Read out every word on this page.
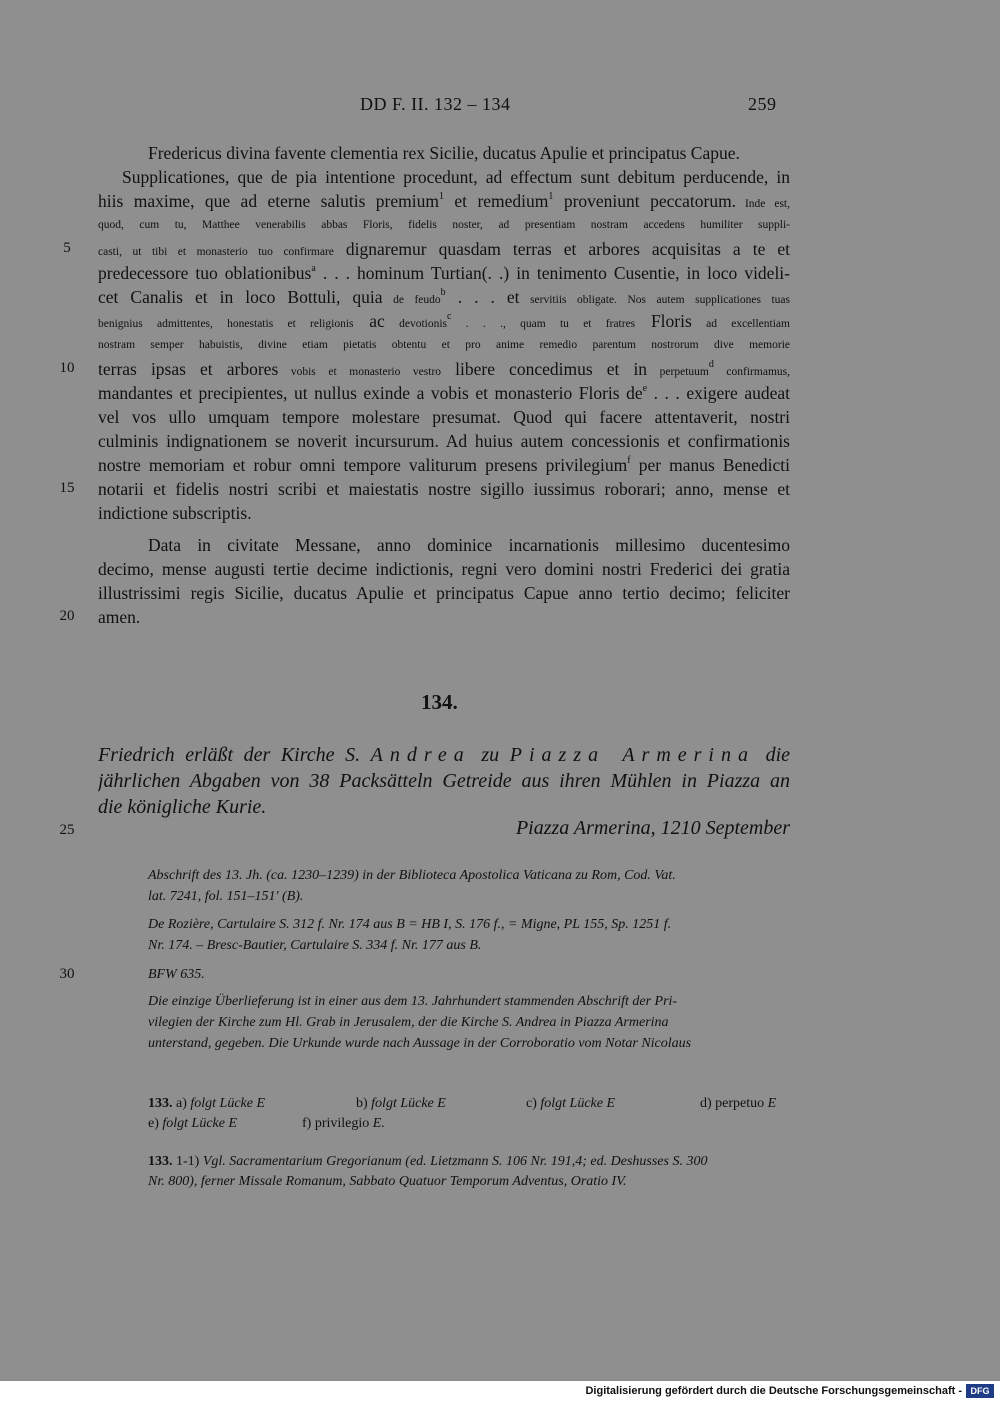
DD F. II. 132 – 134	259
Fredericus divina favente clementia rex Sicilie, ducatus Apulie et principatus Capue.
Supplicationes, que de pia intentione procedunt, ad effectum sunt debitum perducende, in
hiis maxime, que ad eterne salutis premium$^1$ et remedium$^1$ proveniunt peccatorum. Inde est,
quod, cum tu, Matthee venerabilis abbas Floris, fidelis noster, ad presentiam nostram accedens humiliter suppli-
casti, ut tibi et monasterio tuo confirmare dignaremur quasdam terras et arbores acquisitas a te et
predecessore tuo oblationibus$^a$ . . . hominum Turtian(. .) in tenimento Cusentie, in loco videli-
cet Canalis et in loco Bottuli, quia de feudo$^b$ . . . et servitiis obligate. Nos autem supplicationes tuas
benignius admittentes, honestatis et religionis ac devotionis$^c$ . . ., quam tu et fratres Floris ad excellentiam
nostram semper habuistis, divine etiam pietatis obtentu et pro anime remedio parentum nostrorum dive memorie
terras ipsas et arbores vobis et monasterio vestro libere concedimus et in perpetuum$^d$ confirmamus,
mandantes et precipientes, ut nullus exinde a vobis et monasterio Floris $de^e$ . . . exigere audeat
vel vos ullo umquam tempore molestare presumat. Quod qui facere attentaverit, nostri
culminis indignationem se noverit incursurum. Ad huius autem concessionis et confirmationis
nostre memoriam et robur omni tempore valiturum presens privilegium$^f$ per manus Benedicti
notarii et fidelis nostri scribi et maiestatis nostre sigillo iussimus roborari; anno, mense et
indictione subscriptis.
Data in civitate Messane, anno dominice incarnationis millesimo ducentesimo
decimo, mense augusti tertie decime indictionis, regni vero domini nostri Frederici dei gratia
illustrissimi regis Sicilie, ducatus Apulie et principatus Capue anno tertio decimo; feliciter
amen.
5
10
15
20
25
30
134.
Friedrich erläßt der Kirche S. Andrea zu Piazza Armerina die
jährlichen Abgaben von 38 Packsätteln Getreide aus ihren Mühlen in Piazza an
die königliche Kurie.
Piazza Armerina, 1210 September
Abschrift des 13. Jh. (ca. 1230–1239) in der Biblioteca Apostolica Vaticana zu Rom, Cod. Vat.
lat. 7241, fol. 151–151' (B).
De Rozière, Cartulaire S. 312 f. Nr. 174 aus B = HB I, S. 176 f., = Migne, PL 155, Sp. 1251 f.
Nr. 174. – Bresc-Bautier, Cartulaire S. 334 f. Nr. 177 aus B.
BFW 635.
Die einzige Überlieferung ist in einer aus dem 13. Jahrhundert stammenden Abschrift der Pri-
vilegien der Kirche zum Hl. Grab in Jerusalem, der die Kirche S. Andrea in Piazza Armerina
unterstand, gegeben. Die Urkunde wurde nach Aussage in der Corroboratio vom Notar Nicolaus
133. a) folgt Lücke E	b) folgt Lücke E	c) folgt Lücke E	d) perpetuo E
e) folgt Lücke E	f) privilegio E.
133. 1-1) Vgl. Sacramentarium Gregorianum (ed. Lietzmann S. 106 Nr. 191,4; ed. Deshusses S. 300
Nr. 800), ferner Missale Romanum, Sabbato Quatuor Temporum Adventus, Oratio IV.
Digitalisierung gefördert durch die Deutsche Forschungsgemeinschaft - DFG
